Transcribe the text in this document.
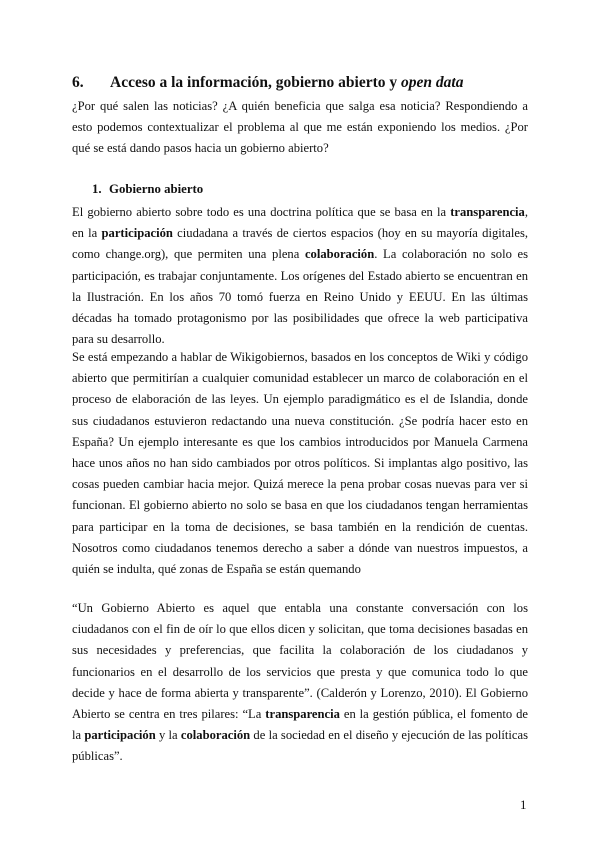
6. Acceso a la información, gobierno abierto y open data

¿Por qué salen las noticias? ¿A quién beneficia que salga esa noticia? Respondiendo a esto podemos contextualizar el problema al que me están exponiendo los medios. ¿Por qué se está dando pasos hacia un gobierno abierto?

1. Gobierno abierto

El gobierno abierto sobre todo es una doctrina política que se basa en la transparencia, en la participación ciudadana a través de ciertos espacios (hoy en su mayoría digitales, como change.org), que permiten una plena colaboración. La colaboración no solo es participación, es trabajar conjuntamente. Los orígenes del Estado abierto se encuentran en la Ilustración. En los años 70 tomó fuerza en Reino Unido y EEUU. En las últimas décadas ha tomado protagonismo por las posibilidades que ofrece la web participativa para su desarrollo.

Se está empezando a hablar de Wikigobiernos, basados en los conceptos de Wiki y código abierto que permitirían a cualquier comunidad establecer un marco de colaboración en el proceso de elaboración de las leyes. Un ejemplo paradigmático es el de Islandia, donde sus ciudadanos estuvieron redactando una nueva constitución. ¿Se podría hacer esto en España? Un ejemplo interesante es que los cambios introducidos por Manuela Carmena hace unos años no han sido cambiados por otros políticos. Si implantas algo positivo, las cosas pueden cambiar hacia mejor. Quizá merece la pena probar cosas nuevas para ver si funcionan. El gobierno abierto no solo se basa en que los ciudadanos tengan herramientas para participar en la toma de decisiones, se basa también en la rendición de cuentas. Nosotros como ciudadanos tenemos derecho a saber a dónde van nuestros impuestos, a quién se indulta, qué zonas de España se están quemando

“Un Gobierno Abierto es aquel que entabla una constante conversación con los ciudadanos con el fin de oír lo que ellos dicen y solicitan, que toma decisiones basadas en sus necesidades y preferencias, que facilita la colaboración de los ciudadanos y funcionarios en el desarrollo de los servicios que presta y que comunica todo lo que decide y hace de forma abierta y transparente”. (Calderón y Lorenzo, 2010). El Gobierno Abierto se centra en tres pilares: “La transparencia en la gestión pública, el fomento de la participación y la colaboración de la sociedad en el diseño y ejecución de las políticas públicas”.

1
